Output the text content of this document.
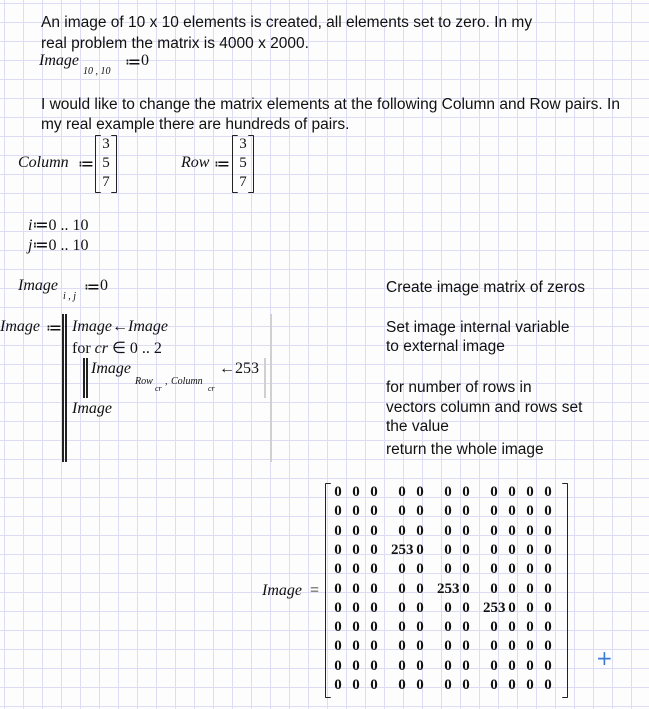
An image of 10 x 10 elements is created, all elements set to zero. In my
real problem the matrix is 4000 x 2000.
Image
10 , 10
≔ 0
I would like to change the matrix elements at the following Column and Row pairs. In
my real example there are hundreds of pairs.
Column ≔
3
5
7
Row ≔
3
5
7
i≔0 .. 10
j≔0 .. 10
Image
i , j
≔ 0
Image ≔ Image←Image
for cr ∈ 0 .. 2
Image
Row
cr
, Column
cr
← 253
Image
Create image matrix of zeros
Set image internal variable
to external image
for number of rows in
vectors column and rows set
the value
return the whole image
Image =
0 0 0	0 0	0 0	0 0 0 0
0 0 0	0 0	0 0	0 0 0 0
0 0 0	0 0	0 0	0 0 0 0
0 0 0 253 0	0 0	0 0 0 0
0 0 0	0 0	0 0	0 0 0 0
0 0 0	0 0 253 0	0 0 0 0
0 0 0	0 0	0 0 253 0 0 0
0 0 0	0 0	0 0	0 0 0 0
0 0 0	0 0	0 0	0 0 0 0
0 0 0	0 0	0 0	0 0 0 0
0 0 0	0 0	0 0	0 0 0 0
+
